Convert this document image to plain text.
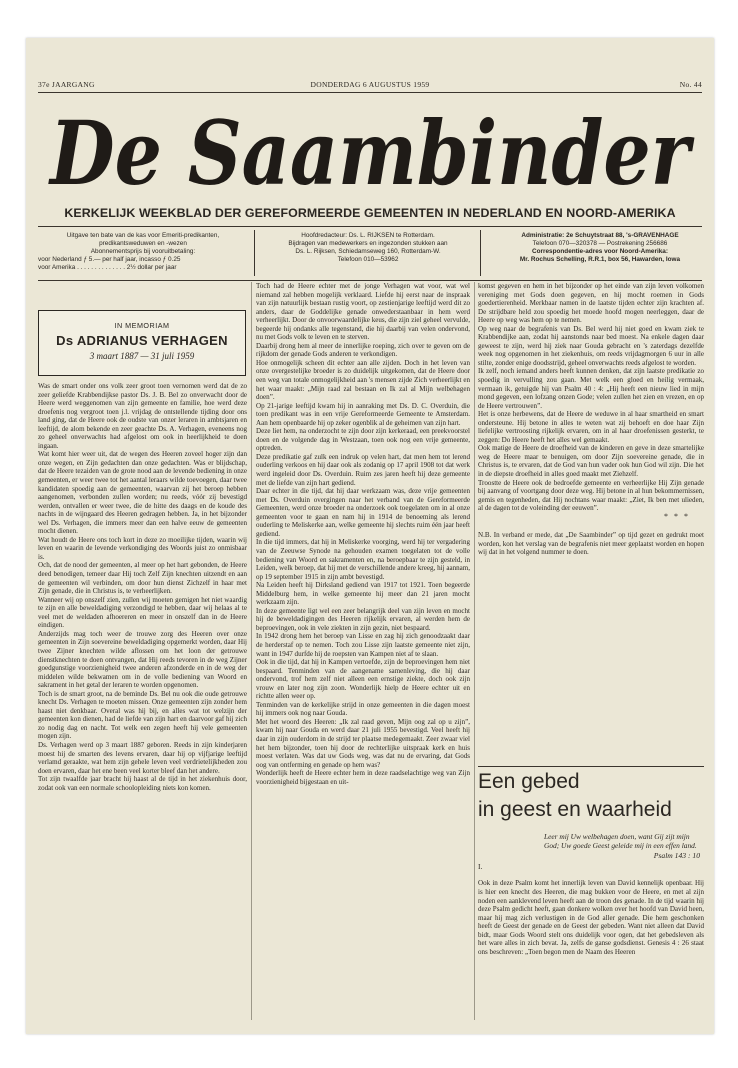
37e JAARGANG	DONDERDAG 6 AUGUSTUS 1959	No. 44
De Saambinder
KERKELIJK WEEKBLAD DER GEREFORMEERDE GEMEENTEN IN NEDERLAND EN NOORD-AMERIKA
Uitgave ten bate van de kas voor Emeriti-predikanten,
predikantsweduwen en -wezen
Abonnementsprijs bij vooruitbetaling:
voor Nederland ƒ 5.— per half jaar, incasso ƒ 0.25
voor Amerika . . . . . . . . . . . . . . 2½ dollar per jaar
Hoofdredacteur: Ds. L. RIJKSEN te Rotterdam.
Bijdragen van medewerkers en ingezonden stukken aan
Ds. L. Rijksen, Schiedamseweg 160, Rotterdam-W.
Telefoon 010—53962
Administratie: 2e Schuytstraat 88, 's-GRAVENHAGE
Telefoon 070—320378 — Postrekening 256686
Correspondentie-adres voor Noord-Amerika:
Mr. Rochus Schelling, R.R.1, box 56, Hawarden, Iowa
IN MEMORIAM
Ds ADRIANUS VERHAGEN
3 maart 1887 — 31 juli 1959

Was de smart onder ons volk zeer groot toen vernomen werd dat de zo zeer geliefde Krabbendijkse pastor Ds. J. B. Bel zo onverwacht door de Heere werd weggenomen van zijn gemeente en familie, hoe werd deze droefenis nog vergroot toen j.l. vrijdag de ontstellende tijding door ons land ging, dat de Heere ook de oudste van onzer leraren in ambtsjaren en leeftijd, de alom bekende en zeer geachte Ds. A. Verhagen, eveneens nog zo geheel onverwachts had afgelost om ook in heerlijkheid te doen ingaan.

Wat komt hier weer uit, dat de wegen des Heeren zoveel hoger zijn dan onze wegen, en Zijn gedachten dan onze gedachten. Was er blijdschap, dat de Heere tezaiden van de grote nood aan de levende bediening in onze gemeenten, er weer twee tot het aantal leraars wilde toevoegen, daar twee kandidaten spoedig aan de gemeenten, waarvan zij het beroep hebben aangenomen, verbonden zullen worden; nu reeds, vóór zij bevestigd werden, ontvallen er weer twee, die de hitte des daags en de koude des nachts in de wijngaard des Heeren gedragen hebben. Ja, in het bijzonder wel Ds. Verhagen, die immers meer dan een halve eeuw de gemeenten mocht dienen.

Wat houdt de Heere ons toch kort in deze zo moeilijke tijden, waarin wij leven en waarin de levende verkondiging des Woords juist zo onmisbaar is.

Och, dat de nood der gemeenten, al meer op het hart gebonden, de Heere deed benodigen, temeer daar Hij toch Zelf Zijn knechten uitzendt en aan de gemeenten wil verbinden, om door hun dienst Zichzelf in haar met Zijn genade, die in Christus is, te verheerlijken.

Wanneer wij op onszelf zien, zullen wij moeten gemigen het niet waardig te zijn en alle beweldadiging verzondigd te hebben, daar wij helaas al te veel met de weldaden afhoereren en meer in onszelf dan in de Heere eindigen.

Anderzijds mag toch weer de trouwe zorg des Heeren over onze gemeenten in Zijn soevereine beweldadiging opgemerkt worden, daar Hij twee Zijner knechten wilde aflossen om het loon der getrouwe dienstknechten te doen ontvangen, dat Hij reeds tevoren in de weg Zijner goedgunstige voorzienigheid twee anderen afzonderde en in de weg der middelen wilde bekwamen om in de volle bediening van Woord en sakrament in het getal der leraren te worden opgenomen.

Toch is de smart groot, na de beminde Ds. Bel nu ook die oude getrouwe knecht Ds. Verhagen te moeten missen. Onze gemeenten zijn zonder hem haast niet denkbaar. Overal was hij bij, en alles wat tot welzijn der gemeenten kon dienen, had de liefde van zijn hart en daarvoor gaf hij zich zo nodig dag en nacht. Tot welk een zegen heeft hij vele gemeenten mogen zijn.

Ds. Verhagen werd op 3 maart 1887 geboren. Reeds in zijn kinderjaren moest hij de smarten des levens ervaren, daar hij op vijfjarige leeftijd verlamd geraakte, wat hem zijn gehele leven veel verdrietelijkheden zou doen ervaren, daar het ene been veel korter bleef dan het andere.

Tot zijn twaalfde jaar bracht hij haast al de tijd in het ziekenhuis door, zodat ook van een normale schoolopleiding niets kon komen.

Toch had de Heere echter met de jonge Verhagen wat voor, wat wel niemand zal hebben mogelijk verklaard. Liefde hij eerst naar de inspraak van zijn natuurlijk bestaan rustig voort, op zestienjarige leeftijd werd dit zo anders, daar de Goddelijke genade onwederstaanbaar in hem werd verheerlijkt. Door de onvoorwaardelijke keus, die zijn ziel geheel vervulde, begeerde hij ondanks alle tegenstand, die hij daarbij van velen ondervond, nu met Gods volk te leven en te sterven.

Daarbij drong hem al meer de innerlijke roeping, zich over te geven om de rijkdom der genade Gods anderen te verkondigen.

Hoe onmogelijk scheen dit echter aan alle zijden. Doch in het leven van onze overgestelijke broeder is zo duidelijk uitgekomen, dat de Heere door een weg van totale onmogelijkheid aan 's mensen zijde Zich verheerlijkt en het waar maakt: „Mijn raad zal bestaan en Ik zal al Mijn welbehagen doen”.

Op 21-jarige leeftijd kwam hij in aanraking met Ds. D. C. Overduin, die toen predikant was in een vrije Gereformeerde Gemeente te Amsterdam. Aan hem openbaarde hij op zeker ogenblik al de geheimen van zijn hart.

Deze liet hem, na onderzocht te zijn door zijn kerkeraad, een preekvoorstel doen en de volgende dag in Westzaan, toen ook nog een vrije gemeente, optreden.

Deze predikatie gaf zulk een indruk op velen hart, dat men hem tot lerend ouderling verkoos en hij daar ook als zodanig op 17 april 1908 tot dat werk werd ingeleid door Ds. Overduin. Ruim zes jaren heeft hij deze gemeente met de liefde van zijn hart gediend.

Daar echter in die tijd, dat hij daar werkzaam was, deze vrije gemeenten met Ds. Overduin overgingen naar het verband van de Gereformeerde Gemeenten, werd onze broeder na onderzoek ook toegelaten om in al onze gemeenten voor te gaan en nam hij in 1914 de benoeming als lerend ouderling te Meliskerke aan, welke gemeente hij slechts ruim één jaar heeft gediend.

In die tijd immers, dat hij in Meliskerke voorging, werd hij ter vergadering van de Zeeuwse Synode na gehouden examen toegelaten tot de volle bediening van Woord en sakramenten en, na beroepbaar te zijn gesteld, in Leiden, welk beroep, dat hij met de verschillende andere kreeg, hij aannam, op 19 september 1915 in zijn ambt bevestigd.

Na Leiden heeft hij Dirksland gediend van 1917 tot 1921. Toen begeerde Middelburg hem, in welke gemeente hij meer dan 21 jaren mocht werkzaam zijn.

In deze gemeente ligt wel een zeer belangrijk deel van zijn leven en mocht hij de beweldadigingen des Heeren rijkelijk ervaren, al werden hem de beproevingen, ook in vele ziekten in zijn gezin, niet bespaard.

In 1942 drong hem het beroep van Lisse en zag hij zich genoodzaakt daar de herderstaf op te nemen. Toch zou Lisse zijn laatste gemeente niet zijn, want in 1947 durfde hij de roepsten van Kampen niet af te slaan.

Ook in die tijd, dat hij in Kampen vertoefde, zijn de beproevingen hem niet bespaard. Tenminden van de aangename samenleving, die hij daar ondervond, trof hem zelf niet alleen een ernstige ziekte, doch ook zijn vrouw en later nog zijn zoon. Wonderlijk hielp de Heere echter uit en richtte allen weer op.

Tenminden van de kerkelijke strijd in onze gemeenten in die dagen moest hij immers ook nog naar Gouda.

Met het woord des Heeren: „Ik zal raad geven, Mijn oog zal op u zijn”, kwam hij naar Gouda en werd daar 21 juli 1955 bevestigd. Veel heeft hij daar in zijn ouderdom in de strijd ter plaatse medegemaakt. Zeer zwaar viel het hem bijzonder, toen hij door de rechterlijke uitspraak kerk en huis moest verlaten. Was dat uw Gods weg, was dat nu de ervaring, dat Gods oog van ontferming en genade op hem was?

Wonderlijk heeft de Heere echter hem in deze raadselachtige weg van Zijn voorzienigheid bijgestaan en uit-

komst gegeven en hem in het bijzonder op het einde van zijn leven volkomen vereniging met Gods doen gegeven, en hij mocht roemen in Gods goedertierenheid. Merkbaar namen in de laatste tijden echter zijn krachten af. De strijdbare held zou spoedig het moede hoofd mogen neerleggen, daar de Heere op weg was hem op te nemen.

Op weg naar de begrafenis van Ds. Bel werd hij niet goed en kwam ziek te Krabbendijke aan, zodat hij aanstonds naar bed moest. Na enkele dagen daar geweest te zijn, werd hij ziek naar Gouda gebracht en 's zaterdags dezelfde week nog opgenomen in het ziekenhuis, om reeds vrijdagmorgen 6 uur in alle stilte, zonder enige doodsstrijd, geheel onverwachts reeds afgelost te worden.

Ik zelf, noch iemand anders heeft kunnen denken, dat zijn laatste predikatie zo spoedig in vervulling zou gaan. Met welk een gloed en heilig vermaak, vermaan ik, getuigde hij van Psalm 40 : 4: „Hij heeft een nieuw lied in mijn mond gegeven, een lofzang onzen Gode; velen zullen het zien en vrezen, en op de Heere vertrouwen”.

Het is onze herbewens, dat de Heere de weduwe in al haar smartheid en smart ondersteune. Hij betone in alles te weten wat zij behoeft en doe haar Zijn liefelijke vertroosting rijkelijk ervaren, om in al haar droefenissen gesterkt, te zeggen: Do Heere heeft het alles wel gemaakt.

Ook matige de Heere de droefheid van de kinderen en geve in deze smartelijke weg de Heere maar te benuigen, om door Zijn soevereine genade, die in Christus is, te ervaren, dat de God van hun vader ook hun God wil zijn. Die het in de diepste droefheid in alles goed maakt met Ziehzelf.

Troostte de Heere ook de bedroefde gemeente en verheerlijke Hij Zijn genade bij aanvang of voortgang door deze weg. Hij betone in al hun bekommernissen, gemis en tegenheden, dat Hij nochtans waar maakt: „Ziet, Ik ben met ulieden, al de dagen tot de voleinding der eeuwen”.

* * *

N.B. In verband er mede, dat „De Saambinder” op tijd gezet en gedrukt moet worden, kon het verslag van de begrafenis niet meer geplaatst worden en hopen wij dat in het volgend nummer te doen.

Een gebed
in geest en waarheid
Leer mij Uw welbehagen doen, want Gij zijt mijn God; Uw goede Geest geleide mij in een effen land.
Psalm 143 : 10
I.
Ook in deze Psalm komt het innerlijk leven van David kennelijk openbaar. Hij is hier een knecht des Heeren, die mag bukken voor de Heere, en met al zijn noden een aanklevend leven heeft aan de troon des genade. In de tijd waarin hij deze Psalm gedicht heeft, gaan donkere wolken over het hoofd van David heen, maar hij mag zich verlustigen in de God aller genade. Die hem geschonken heeft de Geest der genade en de Geest der gebeden. Want niet alleen dat David bidt, maar Gods Woord stelt ons duidelijk voor ogen, dat het gebedsleven als het ware alles in zich bevat. Ja, zelfs de ganse godsdienst. Genesis 4 : 26 staat ons beschreven: „Toen begon men de Naam des Heeren
